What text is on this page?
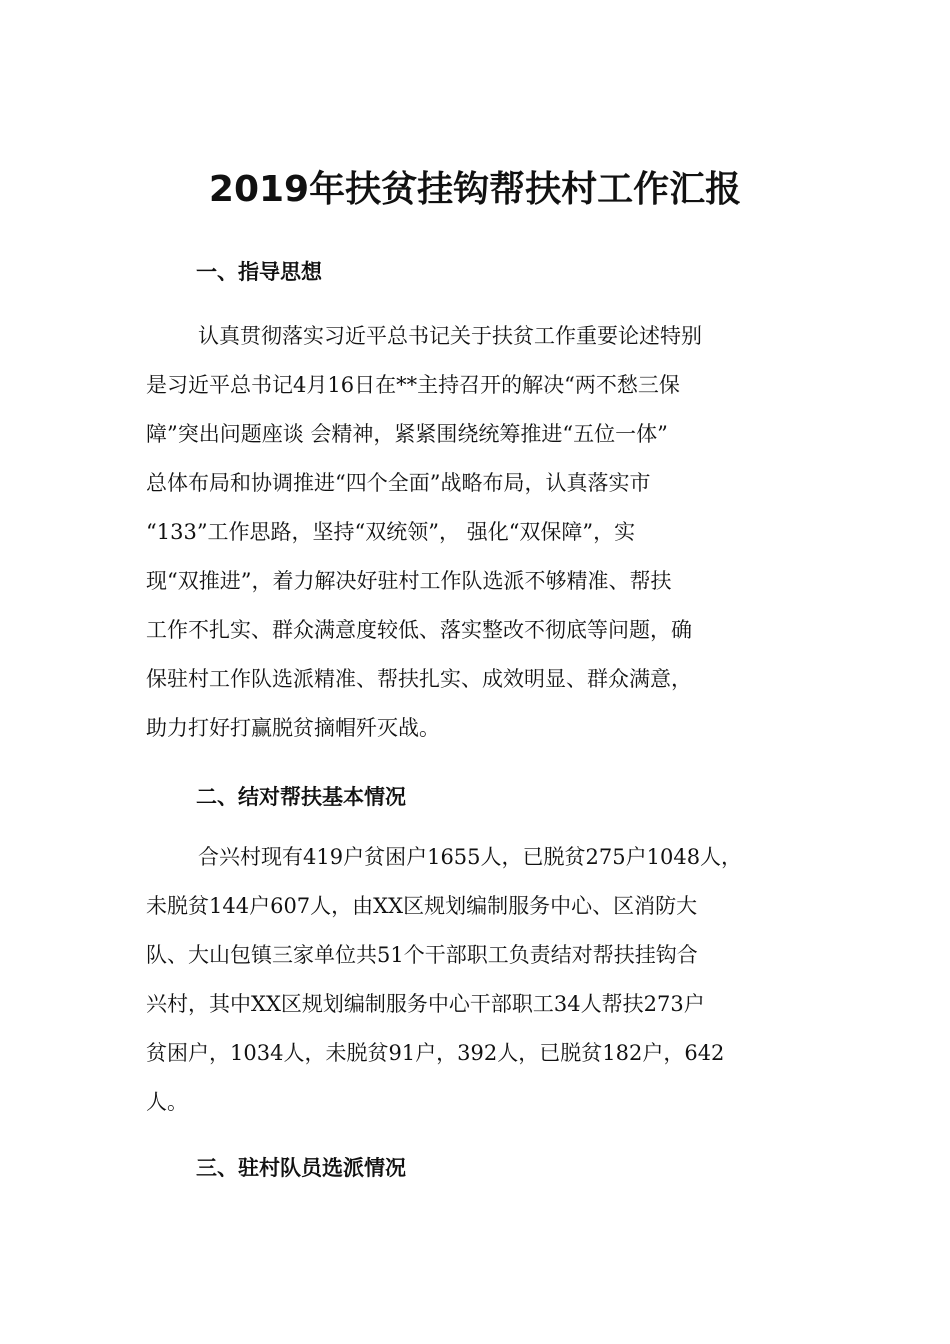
2019年扶贫挂钩帮扶村工作汇报
一、指导思想
认真贯彻落实习近平总书记关于扶贫工作重要论述特别
是习近平总书记4月16日在**主持召开的解决“两不愁三保
障”突出问题座谈 会精神，紧紧围绕统筹推进“五位一体”
总体布局和协调推进“四个全面”战略布局，认真落实市
“133”工作思路，坚持“双统领”， 强化“双保障”，实
现“双推进”，着力解决好驻村工作队选派不够精准、帮扶
工作不扎实、群众满意度较低、落实整改不彻底等问题，确
保驻村工作队选派精准、帮扶扎实、成效明显、群众满意，
助力打好打赢脱贫摘帽歼灭战。
二、结对帮扶基本情况
合兴村现有419户贫困户1655人，已脱贫275户1048人，
未脱贫144户607人，由XX区规划编制服务中心、区消防大
队、大山包镇三家单位共51个干部职工负责结对帮扶挂钩合
兴村，其中XX区规划编制服务中心干部职工34人帮扶273户
贫困户，1034人，未脱贫91户，392人，已脱贫182户，642
人。
三、驻村队员选派情况
